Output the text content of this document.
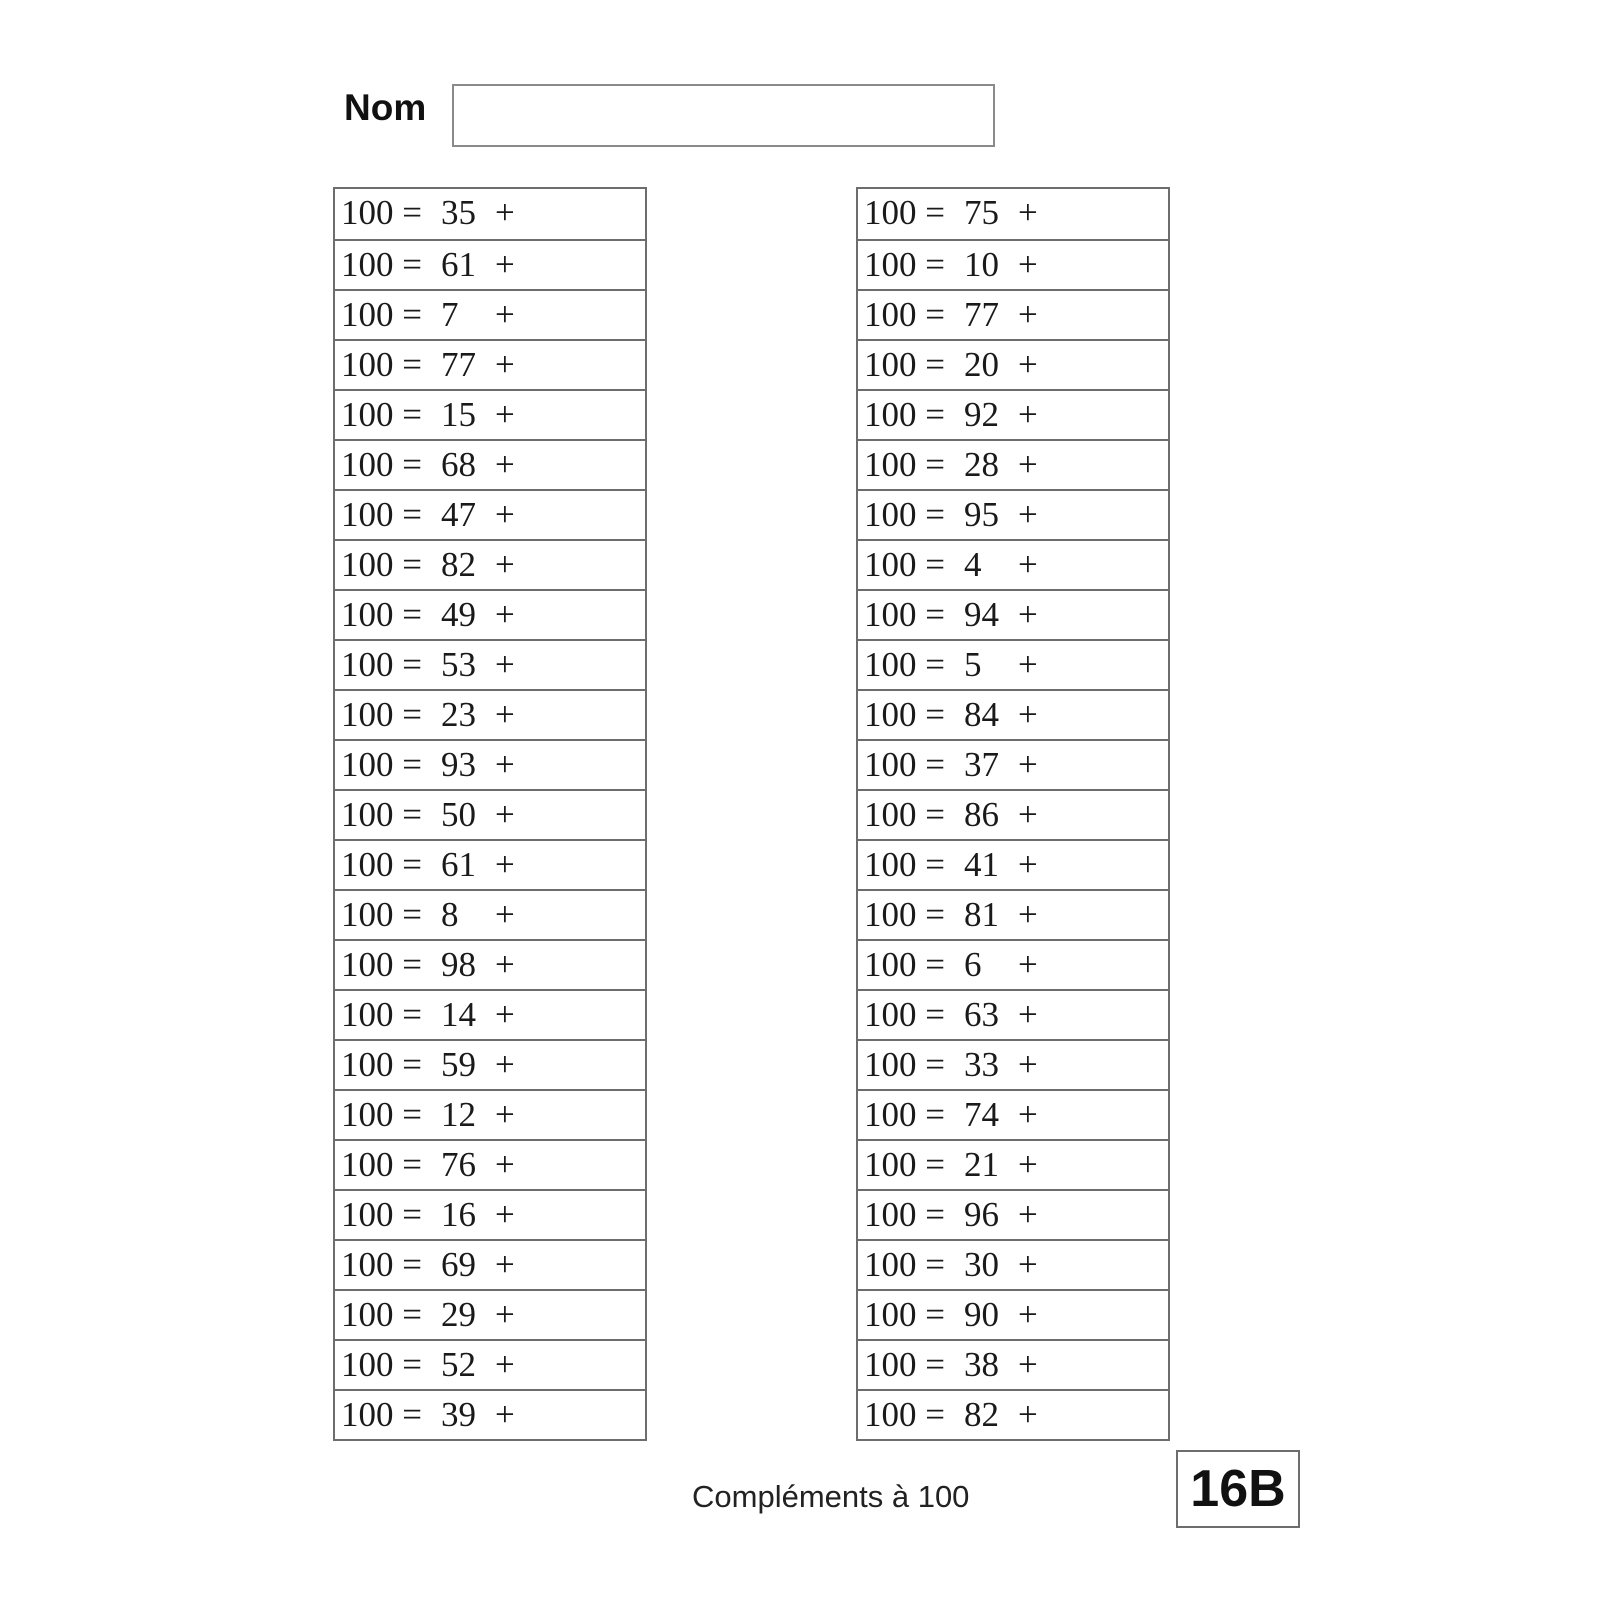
Nom
100 = 35 +
100 = 61 +
100 = 7 +
100 = 77 +
100 = 15 +
100 = 68 +
100 = 47 +
100 = 82 +
100 = 49 +
100 = 53 +
100 = 23 +
100 = 93 +
100 = 50 +
100 = 61 +
100 = 8 +
100 = 98 +
100 = 14 +
100 = 59 +
100 = 12 +
100 = 76 +
100 = 16 +
100 = 69 +
100 = 29 +
100 = 52 +
100 = 39 +
100 = 75 +
100 = 10 +
100 = 77 +
100 = 20 +
100 = 92 +
100 = 28 +
100 = 95 +
100 = 4 +
100 = 94 +
100 = 5 +
100 = 84 +
100 = 37 +
100 = 86 +
100 = 41 +
100 = 81 +
100 = 6 +
100 = 63 +
100 = 33 +
100 = 74 +
100 = 21 +
100 = 96 +
100 = 30 +
100 = 90 +
100 = 38 +
100 = 82 +
Compléments à 100	16B
